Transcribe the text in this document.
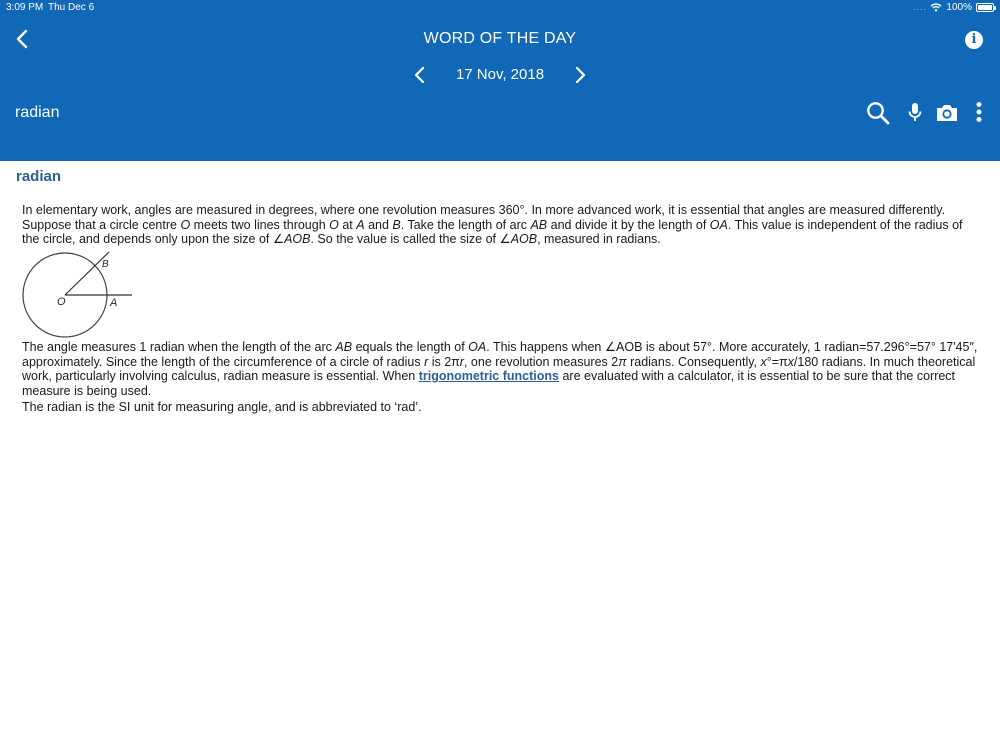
3:09 PM Thu Dec 6	.... 100%
WORD OF THE DAY	i
17 Nov, 2018
radian
radian

In elementary work, angles are measured in degrees, where one revolution measures 360°. In more advanced work, it is essential that angles are measured differently. Suppose that a circle centre O meets two lines through O at A and B. Take the length of arc AB and divide it by the length of OA. This value is independent of the radius of the circle, and depends only upon the size of ∠AOB. So the value is called the size of ∠AOB, measured in radians.

O	A
B

The angle measures 1 radian when the length of the arc AB equals the length of OA. This happens when ∠AOB is about 57°. More accurately, 1 radian=57.296°=57° 17′45″, approximately. Since the length of the circumference of a circle of radius r is 2πr, one revolution measures 2π radians. Consequently, x°=πx/180 radians. In much theoretical work, particularly involving calculus, radian measure is essential. When trigonometric functions are evaluated with a calculator, it is essential to be sure that the correct measure is being used.

The radian is the SI unit for measuring angle, and is abbreviated to ‘rad’.
